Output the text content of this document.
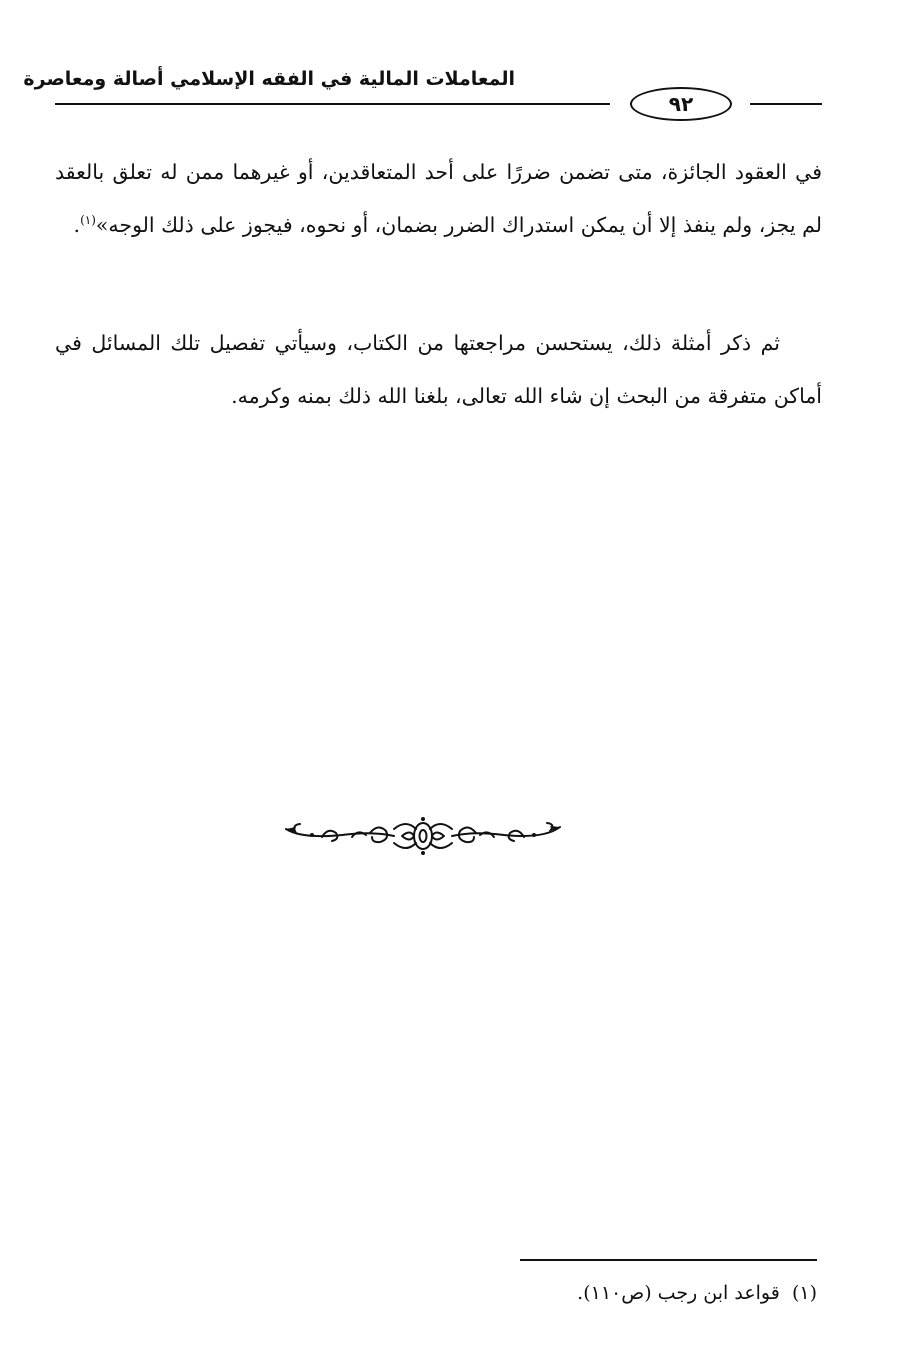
المعاملات المالية في الفقه الإسلامي أصالة ومعاصرة
٩٢
في العقود الجائزة، متى تضمن ضررًا على أحد المتعاقدين، أو غيرهما ممن له تعلق بالعقد لم يجز، ولم ينفذ إلا أن يمكن استدراك الضرر بضمان، أو نحوه، فيجوز على ذلك الوجه»$^{(١)}$.
ثم ذكر أمثلة ذلك، يستحسن مراجعتها من الكتاب، وسيأتي تفصيل تلك المسائل في أماكن متفرقة من البحث إن شاء الله تعالى، بلغنا الله ذلك بمنه وكرمه.
(١)  قواعد ابن رجب (ص١١٠).
